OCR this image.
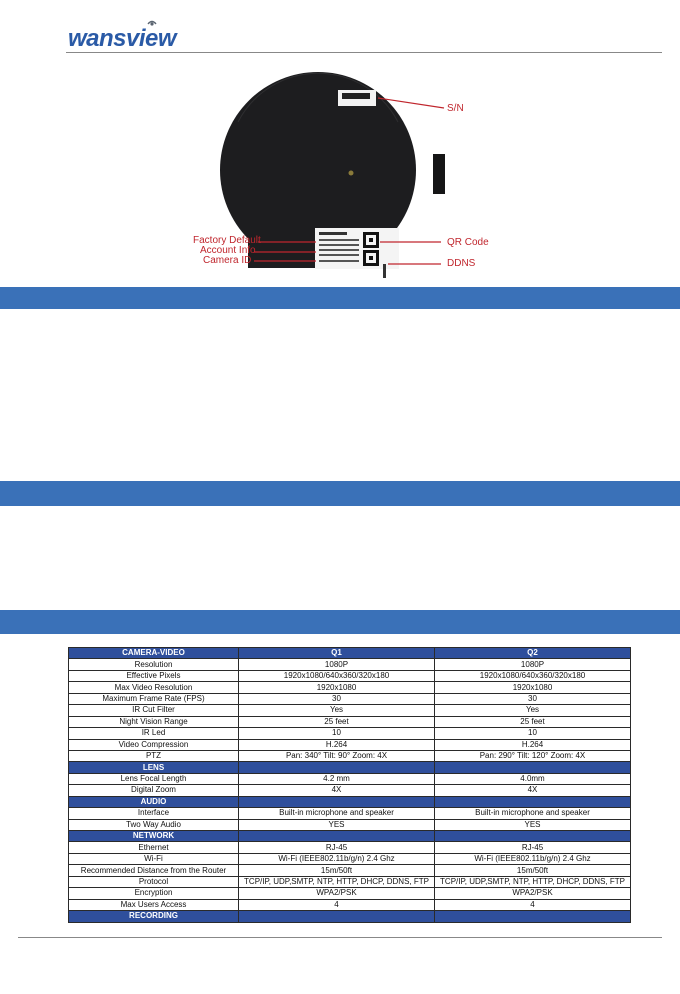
wansview
S/N
Factory Default
Account Info
Camera ID
QR Code
DDNS
CAMERA-VIDEO	Q1	Q2
Resolution	1080P	1080P
Effective Pixels	1920x1080/640x360/320x180	1920x1080/640x360/320x180
Max Video Resolution	1920x1080	1920x1080
Maximum Frame Rate (FPS)	30	30
IR Cut Filter	Yes	Yes
Night Vision Range	25 feet	25 feet
IR Led	10	10
Video Compression	H.264	H.264
PTZ	Pan: 340° Tilt: 90° Zoom: 4X	Pan: 290° Tilt: 120° Zoom: 4X
LENS		
Lens Focal Length	4.2 mm	4.0mm
Digital Zoom	4X	4X
AUDIO		
Interface	Built-in microphone and speaker	Built-in microphone and speaker
Two Way Audio	YES	YES
NETWORK		
Ethernet	RJ-45	RJ-45
Wi-Fi	Wi-Fi (IEEE802.11b/g/n) 2.4 Ghz	Wi-Fi (IEEE802.11b/g/n) 2.4 Ghz
Recommended Distance from the Router	15m/50ft	15m/50ft
Protocol	TCP/IP, UDP,SMTP, NTP, HTTP, DHCP, DDNS, FTP	TCP/IP, UDP,SMTP, NTP, HTTP, DHCP, DDNS, FTP
Encryption	WPA2/PSK	WPA2/PSK
Max Users Access	4	4
RECORDING		
